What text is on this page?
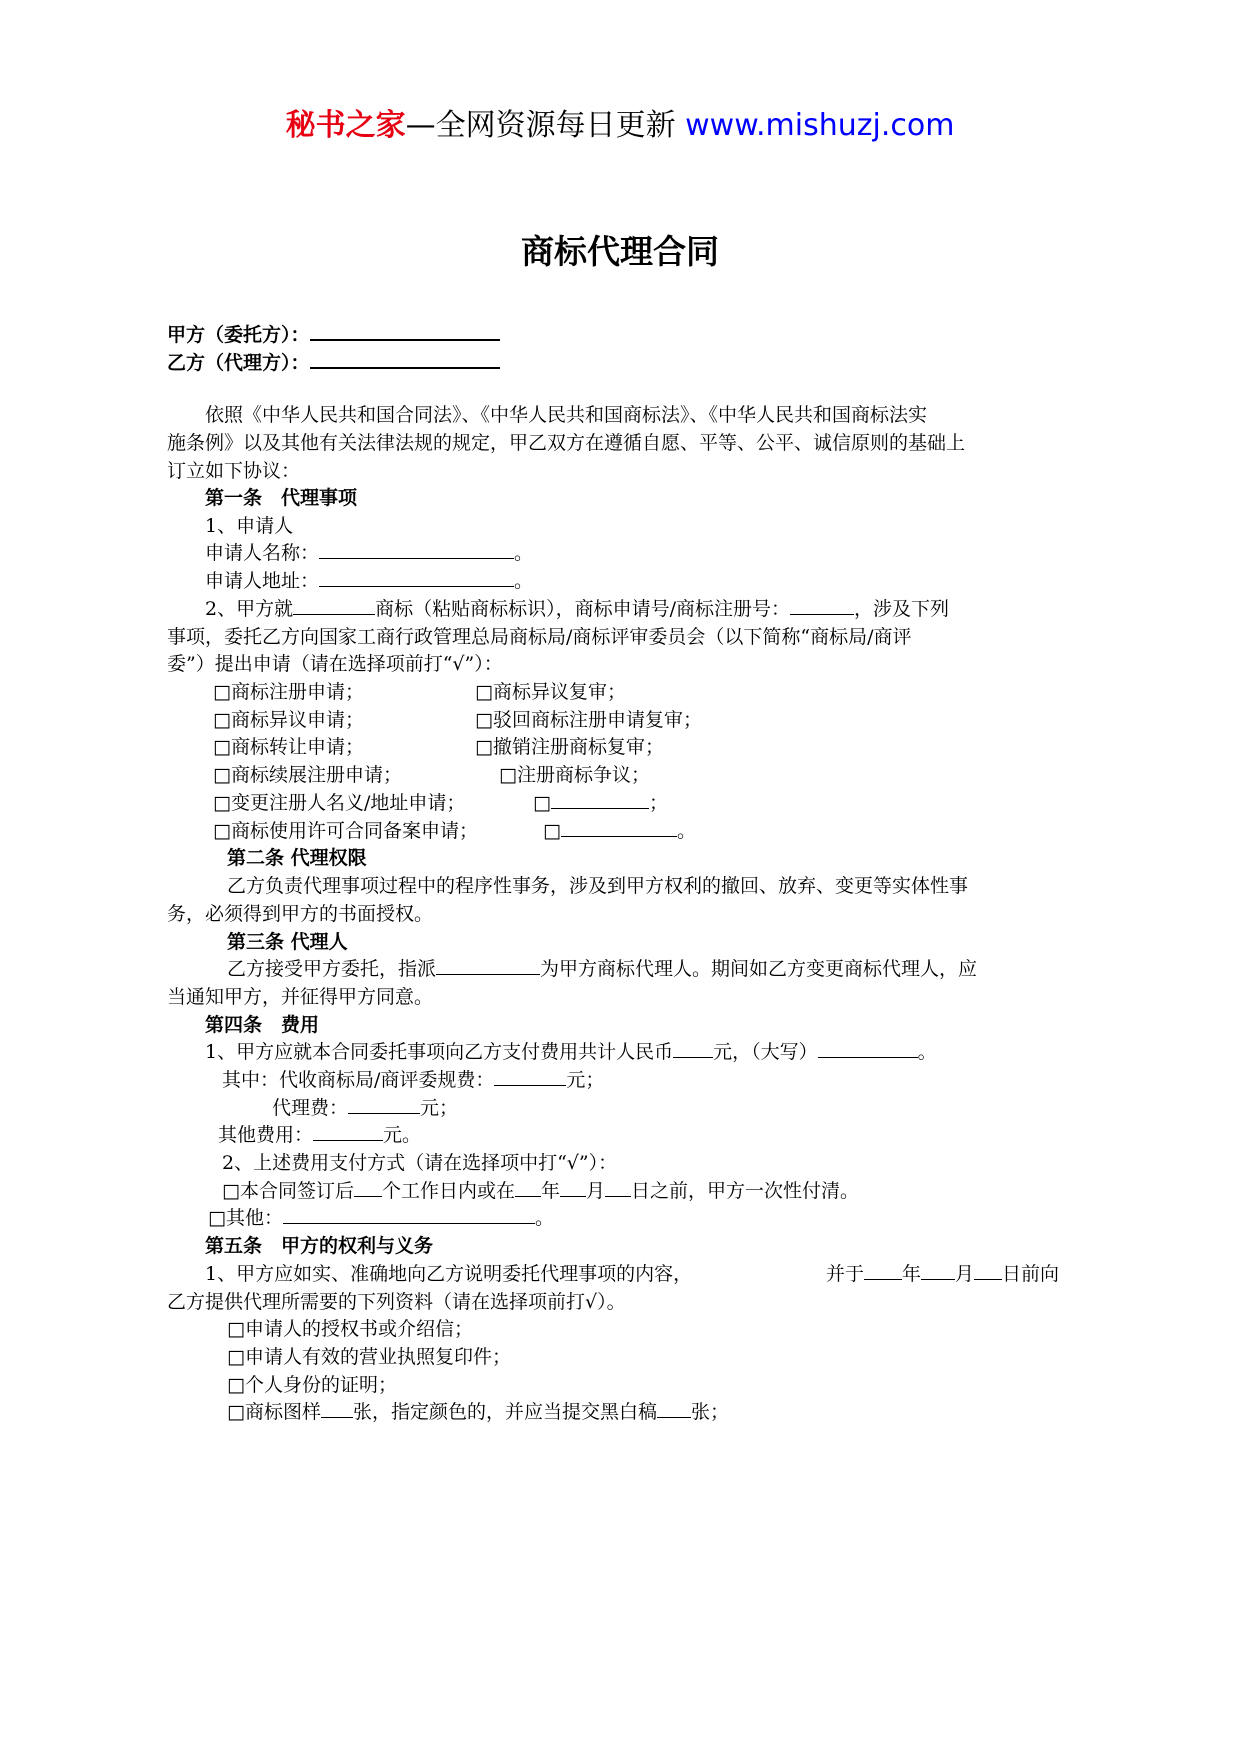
秘书之家—全网资源每日更新 www.mishuzj.com
商标代理合同
甲方（委托方）：
乙方（代理方）：
依照《中华人民共和国合同法》、《中华人民共和国商标法》、《中华人民共和国商标法实
施条例》以及其他有关法律法规的规定，甲乙双方在遵循自愿、平等、公平、诚信原则的基础上
订立如下协议：
第一条　代理事项
1、申请人
申请人名称：	。
申请人地址：	。
2、甲方就	商标（粘贴商标标识），商标申请号/商标注册号：	，涉及下列
事项，委托乙方向国家工商行政管理总局商标局/商标评审委员会（以下简称“商标局/商评
委”）提出申请（请在选择项前打“√”）：
□商标注册申请；	□商标异议复审；
□商标异议申请；	□驳回商标注册申请复审；
□商标转让申请；	□撤销注册商标复审；
□商标续展注册申请；	□注册商标争议；
□变更注册人名义/地址申请；	□	；
□商标使用许可合同备案申请；	□	。
第二条 代理权限
乙方负责代理事项过程中的程序性事务，涉及到甲方权利的撤回、放弃、变更等实体性事
务，必须得到甲方的书面授权。
第三条 代理人
乙方接受甲方委托，指派	为甲方商标代理人。期间如乙方变更商标代理人，应
当通知甲方，并征得甲方同意。
第四条　费用
1、甲方应就本合同委托事项向乙方支付费用共计人民币 元，（大写）	。
其中：代收商标局/商评委规费：	元；
代理费：	元；
其他费用：	元。
2、上述费用支付方式（请在选择项中打“√”）：
□本合同签订后 个工作日内或在 年 月 日之前，甲方一次性付清。
□其他：	。
第五条　甲方的权利与义务
1、甲方应如实、准确地向乙方说明委托代理事项的内容，	并于 年 月 日前向
乙方提供代理所需要的下列资料（请在选择项前打√）。
□申请人的授权书或介绍信；
□申请人有效的营业执照复印件；
□个人身份的证明；
□商标图样 张，指定颜色的，并应当提交黑白稿 张；
